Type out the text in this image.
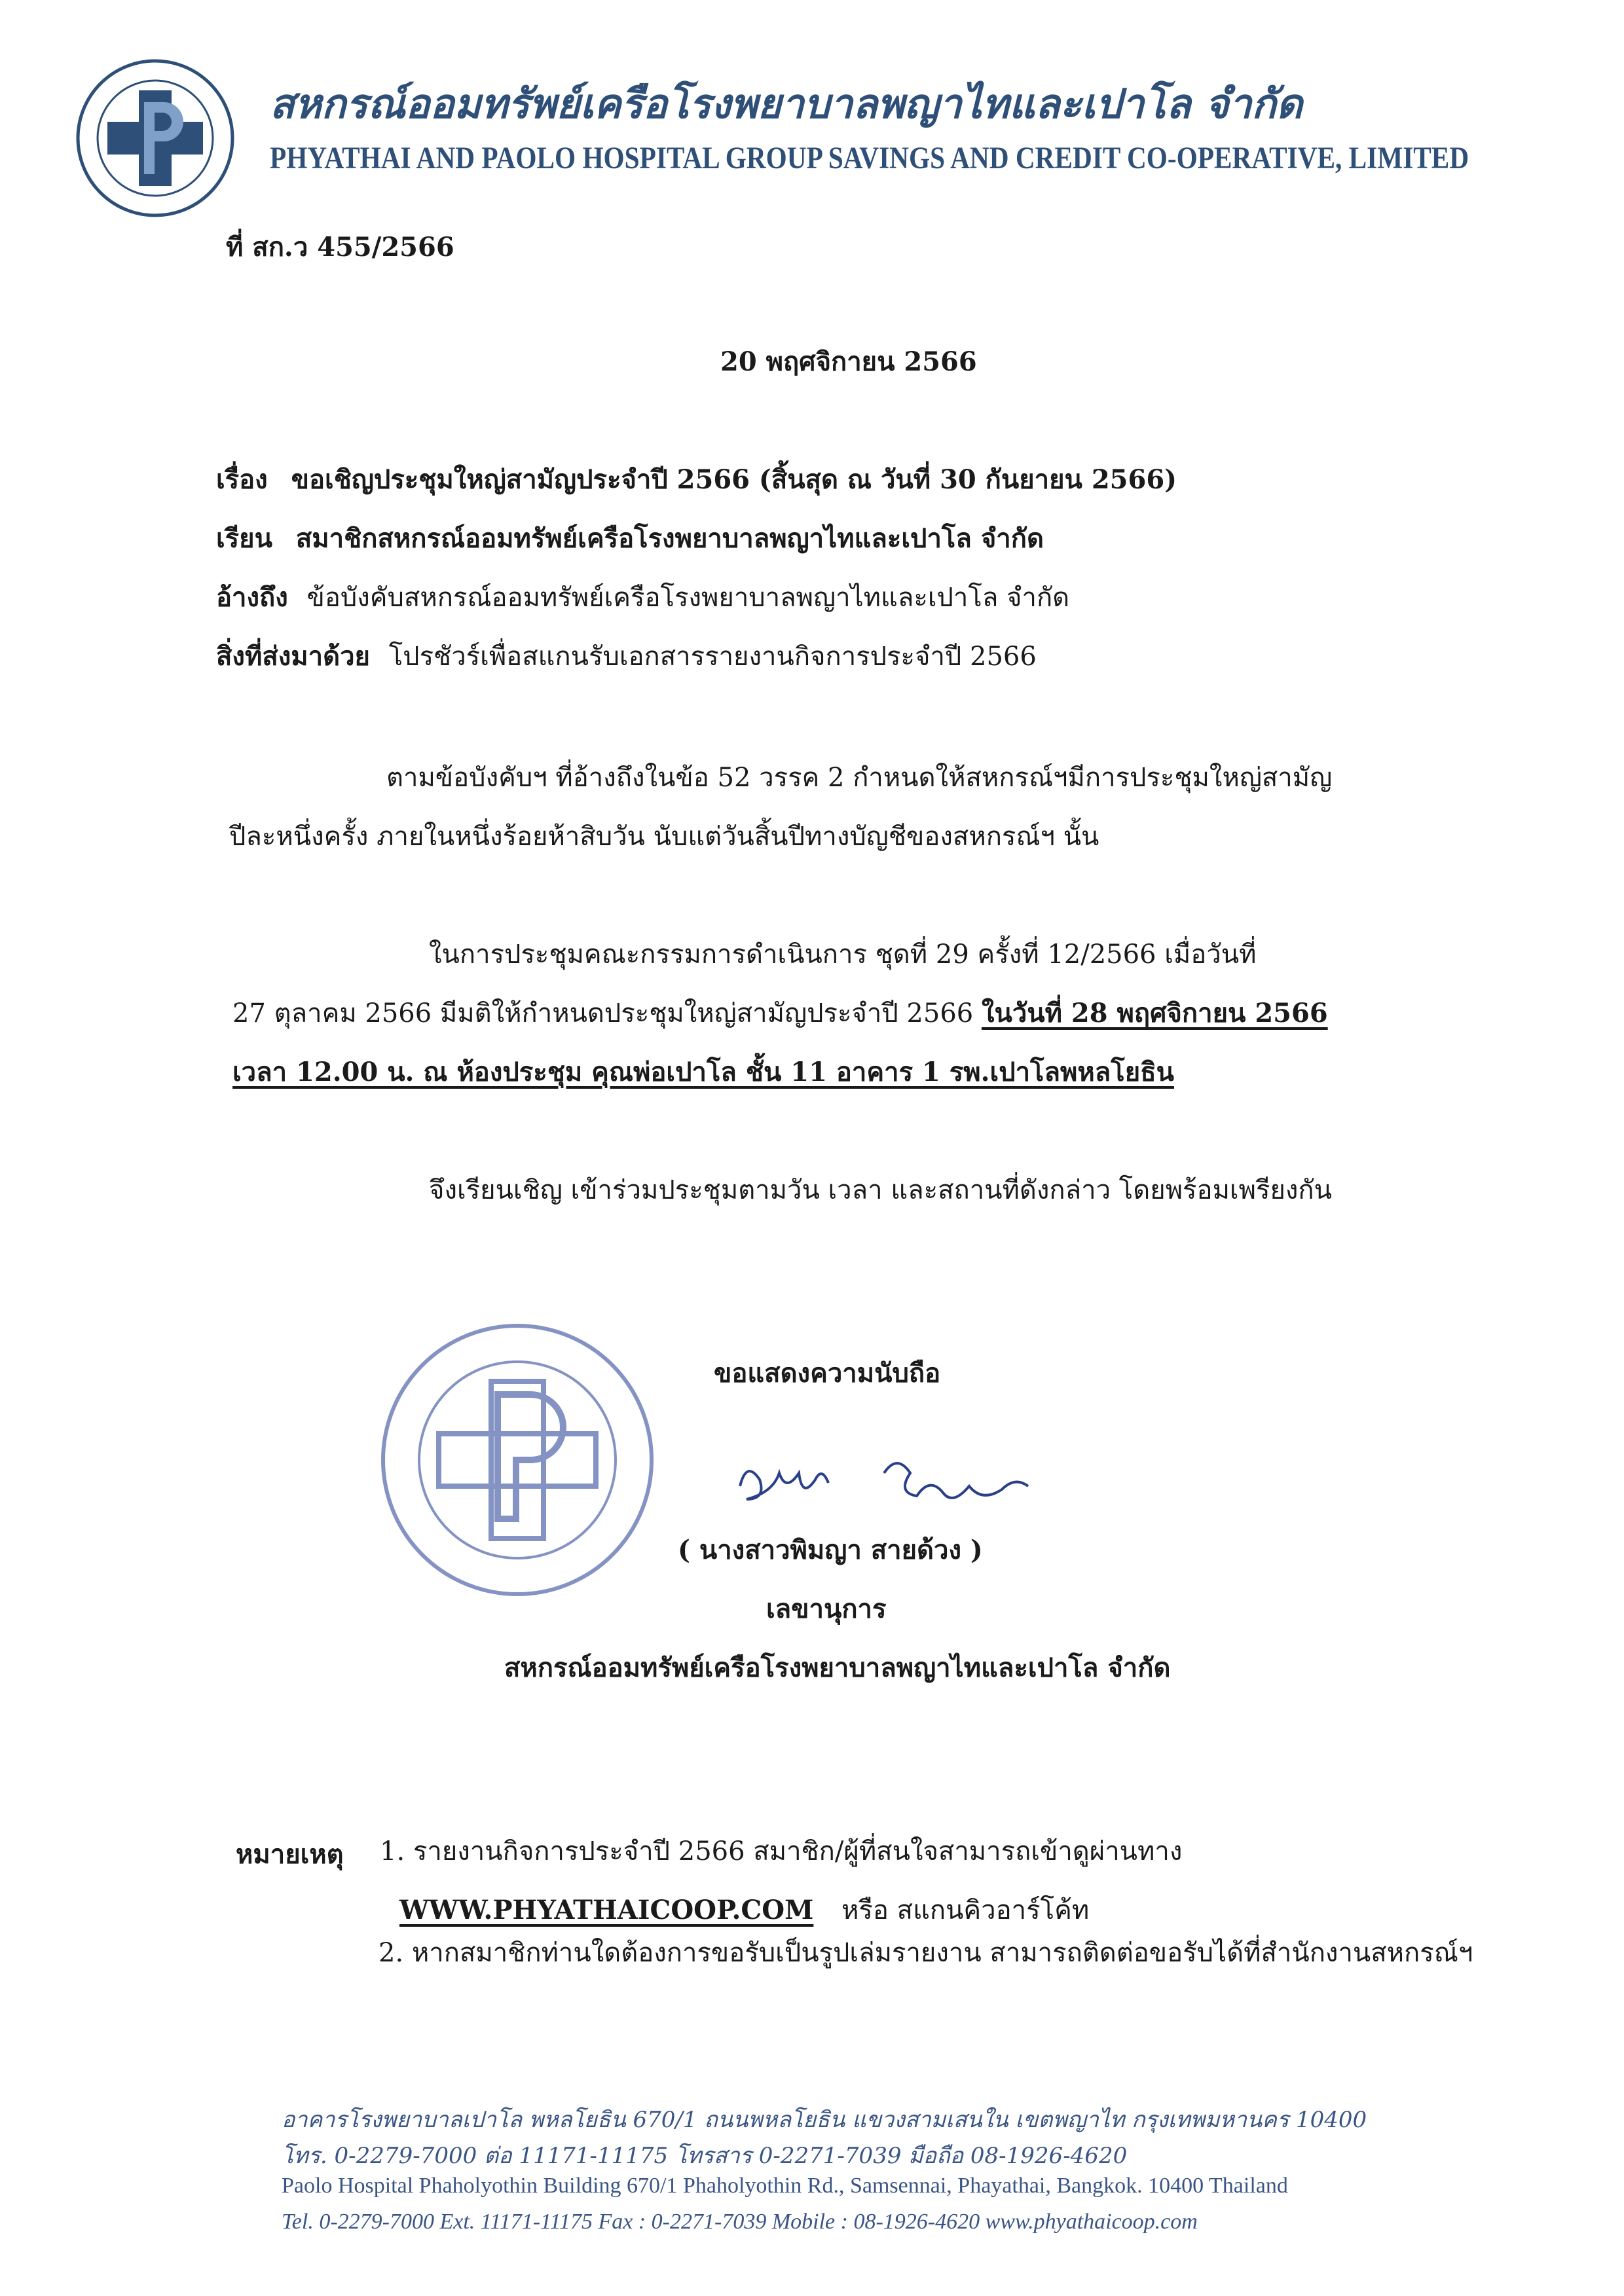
สหกรณ์ออมทรัพย์เครือโรงพยาบาลพญาไทและเปาโล จำกัด
PHYATHAI AND PAOLO HOSPITAL GROUP SAVINGS AND CREDIT CO-OPERATIVE, LIMITED
ที่ สก.ว 455/2566
20 พฤศจิกายน 2566
เรื่อง ขอเชิญประชุมใหญ่สามัญประจำปี 2566 (สิ้นสุด ณ วันที่ 30 กันยายน 2566)
เรียน สมาชิกสหกรณ์ออมทรัพย์เครือโรงพยาบาลพญาไทและเปาโล จำกัด
อ้างถึง ข้อบังคับสหกรณ์ออมทรัพย์เครือโรงพยาบาลพญาไทและเปาโล จำกัด
สิ่งที่ส่งมาด้วย โปรชัวร์เพื่อสแกนรับเอกสารรายงานกิจการประจำปี 2566
ตามข้อบังคับฯ ที่อ้างถึงในข้อ 52 วรรค 2 กำหนดให้สหกรณ์ฯมีการประชุมใหญ่สามัญ
ปีละหนึ่งครั้ง ภายในหนึ่งร้อยห้าสิบวัน นับแต่วันสิ้นปีทางบัญชีของสหกรณ์ฯ นั้น
ในการประชุมคณะกรรมการดำเนินการ ชุดที่ 29 ครั้งที่ 12/2566 เมื่อวันที่
27 ตุลาคม 2566 มีมติให้กำหนดประชุมใหญ่สามัญประจำปี 2566 ในวันที่ 28 พฤศจิกายน 2566
เวลา 12.00 น. ณ ห้องประชุม คุณพ่อเปาโล ชั้น 11 อาคาร 1 รพ.เปาโลพหลโยธิน
จึงเรียนเชิญ เข้าร่วมประชุมตามวัน เวลา และสถานที่ดังกล่าว โดยพร้อมเพรียงกัน
ขอแสดงความนับถือ
( นางสาวพิมญา สายด้วง )
เลขานุการ
สหกรณ์ออมทรัพย์เครือโรงพยาบาลพญาไทและเปาโล จำกัด
หมายเหตุ 1. รายงานกิจการประจำปี 2566 สมาชิก/ผู้ที่สนใจสามารถเข้าดูผ่านทาง
WWW.PHYATHAICOOP.COM หรือ สแกนคิวอาร์โค้ท
2. หากสมาชิกท่านใดต้องการขอรับเป็นรูปเล่มรายงาน สามารถติดต่อขอรับได้ที่สำนักงานสหกรณ์ฯ
อาคารโรงพยาบาลเปาโล พหลโยธิน 670/1 ถนนพหลโยธิน แขวงสามเสนใน เขตพญาไท กรุงเทพมหานคร 10400
โทร. 0-2279-7000 ต่อ 11171-11175 โทรสาร 0-2271-7039 มือถือ 08-1926-4620
Paolo Hospital Phaholyothin Building 670/1 Phaholyothin Rd., Samsennai, Phayathai, Bangkok. 10400 Thailand
Tel. 0-2279-7000 Ext. 11171-11175 Fax : 0-2271-7039 Mobile : 08-1926-4620 www.phyathaicoop.com
